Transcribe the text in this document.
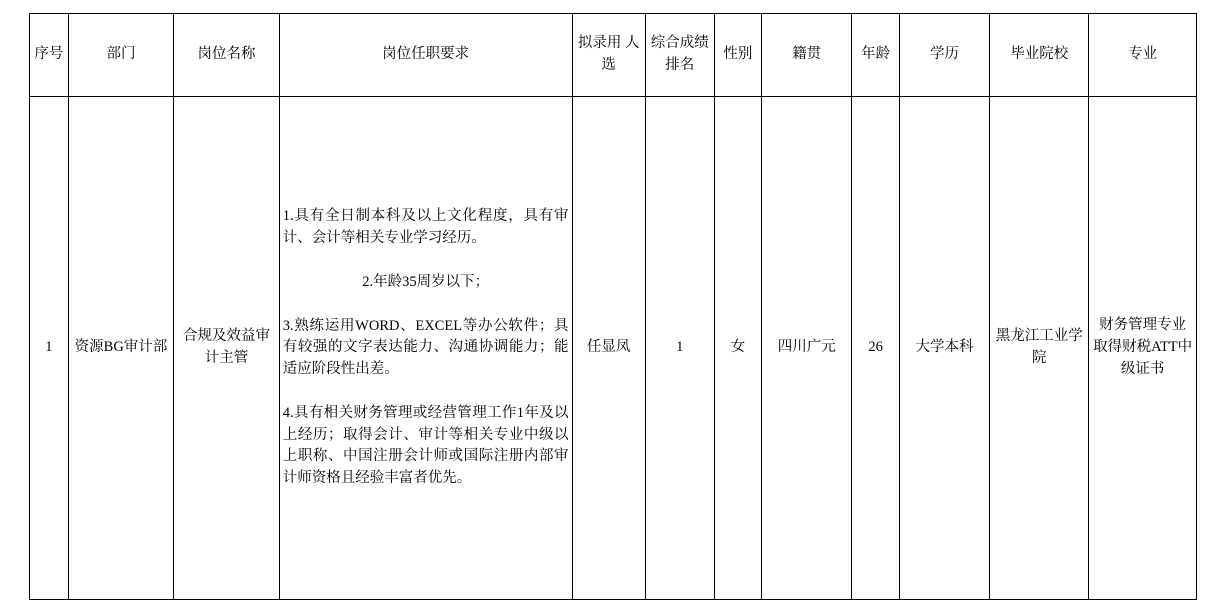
序号	部门	岗位名称	岗位任职要求	拟录用 人选	综合成绩排名	性别	籍贯	年龄	学历	毕业院校	专业
1	资源BG审计部	合规及效益审计主管	1.具有全日制本科及以上文化程度，具有审计、会计等相关专业学习经历。

2.年龄35周岁以下；

3.熟练运用WORD、EXCEL等办公软件；具有较强的文字表达能力、沟通协调能力；能适应阶段性出差。

4.具有相关财务管理或经营管理工作1年及以上经历；取得会计、审计等相关专业中级以上职称、中国注册会计师或国际注册内部审计师资格且经验丰富者优先。	任显凤	1	女	四川广元	26	大学本科	黑龙江工业学院	财务管理专业取得财税ATT中级证书
